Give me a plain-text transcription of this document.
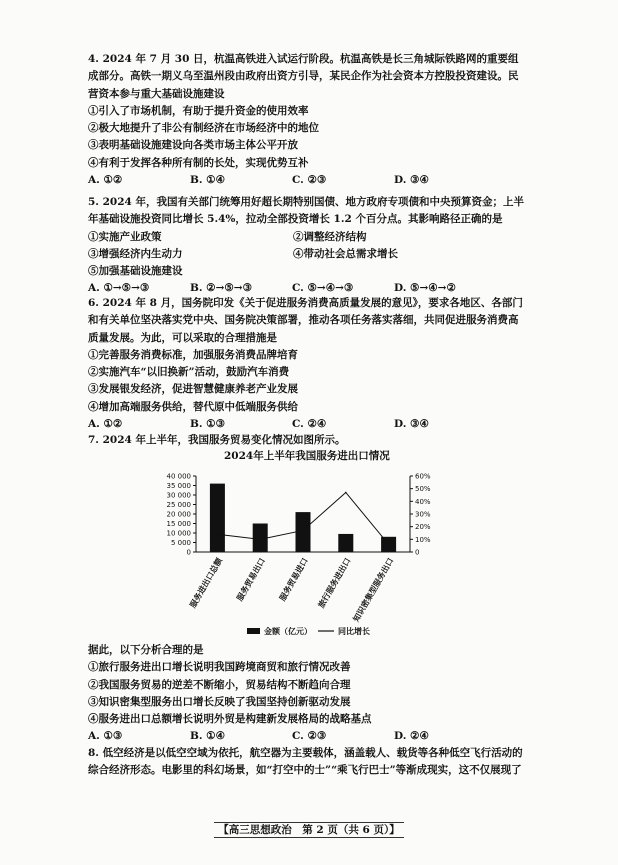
4. 2024 年 7 月 30 日，杭温高铁进入试运行阶段。杭温高铁是长三角城际铁路网的重要组成部分。高铁一期义乌至温州段由政府出资方引导，某民企作为社会资本方控股投资建设。民营资本参与重大基础设施建设

①引入了市场机制，有助于提升资金的使用效率

②极大地提升了非公有制经济在市场经济中的地位

③表明基础设施建设向各类市场主体公平开放

④有利于发挥各种所有制的长处，实现优势互补

A. ①②	B. ①④	C. ②③	D. ③④

5. 2024 年，我国有关部门统筹用好超长期特别国债、地方政府专项债和中央预算资金；上半年基础设施投资同比增长 5.4%，拉动全部投资增长 1.2 个百分点。其影响路径正确的是

①实施产业政策	②调整经济结构

③增强经济内生动力	④带动社会总需求增长

⑤加强基础设施建设

A. ①→⑤→③	B. ②→⑤→③	C. ⑤→④→③	D. ⑤→④→②

6. 2024 年 8 月，国务院印发《关于促进服务消费高质量发展的意见》，要求各地区、各部门和有关单位坚决落实党中央、国务院决策部署，推动各项任务落实落细，共同促进服务消费高质量发展。为此，可以采取的合理措施是

①完善服务消费标准，加强服务消费品牌培育

②实施汽车“以旧换新”活动，鼓励汽车消费

③发展银发经济，促进智慧健康养老产业发展

④增加高端服务供给，替代原中低端服务供给

A. ①②	B. ①③	C. ②④	D. ③④

7. 2024 年上半年，我国服务贸易变化情况如图所示。

2024年上半年我国服务进出口情况
40 000
35 000
30 000
25 000
20 000
15 000
10 000
5 000
0
60%
50%
40%
30%
20%
10%
0
服务进出口总额 服务贸易出口 服务贸易进口 旅行服务进出口 知识密集型服务出口
金额（亿元）	同比增长

据此，以下分析合理的是

①旅行服务进出口增长说明我国跨境商贸和旅行情况改善

②我国服务贸易的逆差不断缩小，贸易结构不断趋向合理

③知识密集型服务出口增长反映了我国坚持创新驱动发展

④服务进出口总额增长说明外贸是构建新发展格局的战略基点

A. ①③	B. ①④	C. ②③	D. ②④

8. 低空经济是以低空空域为依托，航空器为主要载体，涵盖载人、载货等各种低空飞行活动的综合经济形态。电影里的科幻场景，如“打空中的士”“乘飞行巴士”等渐成现实，这不仅展现了

【高三思想政治　第 2 页（共 6 页）】
